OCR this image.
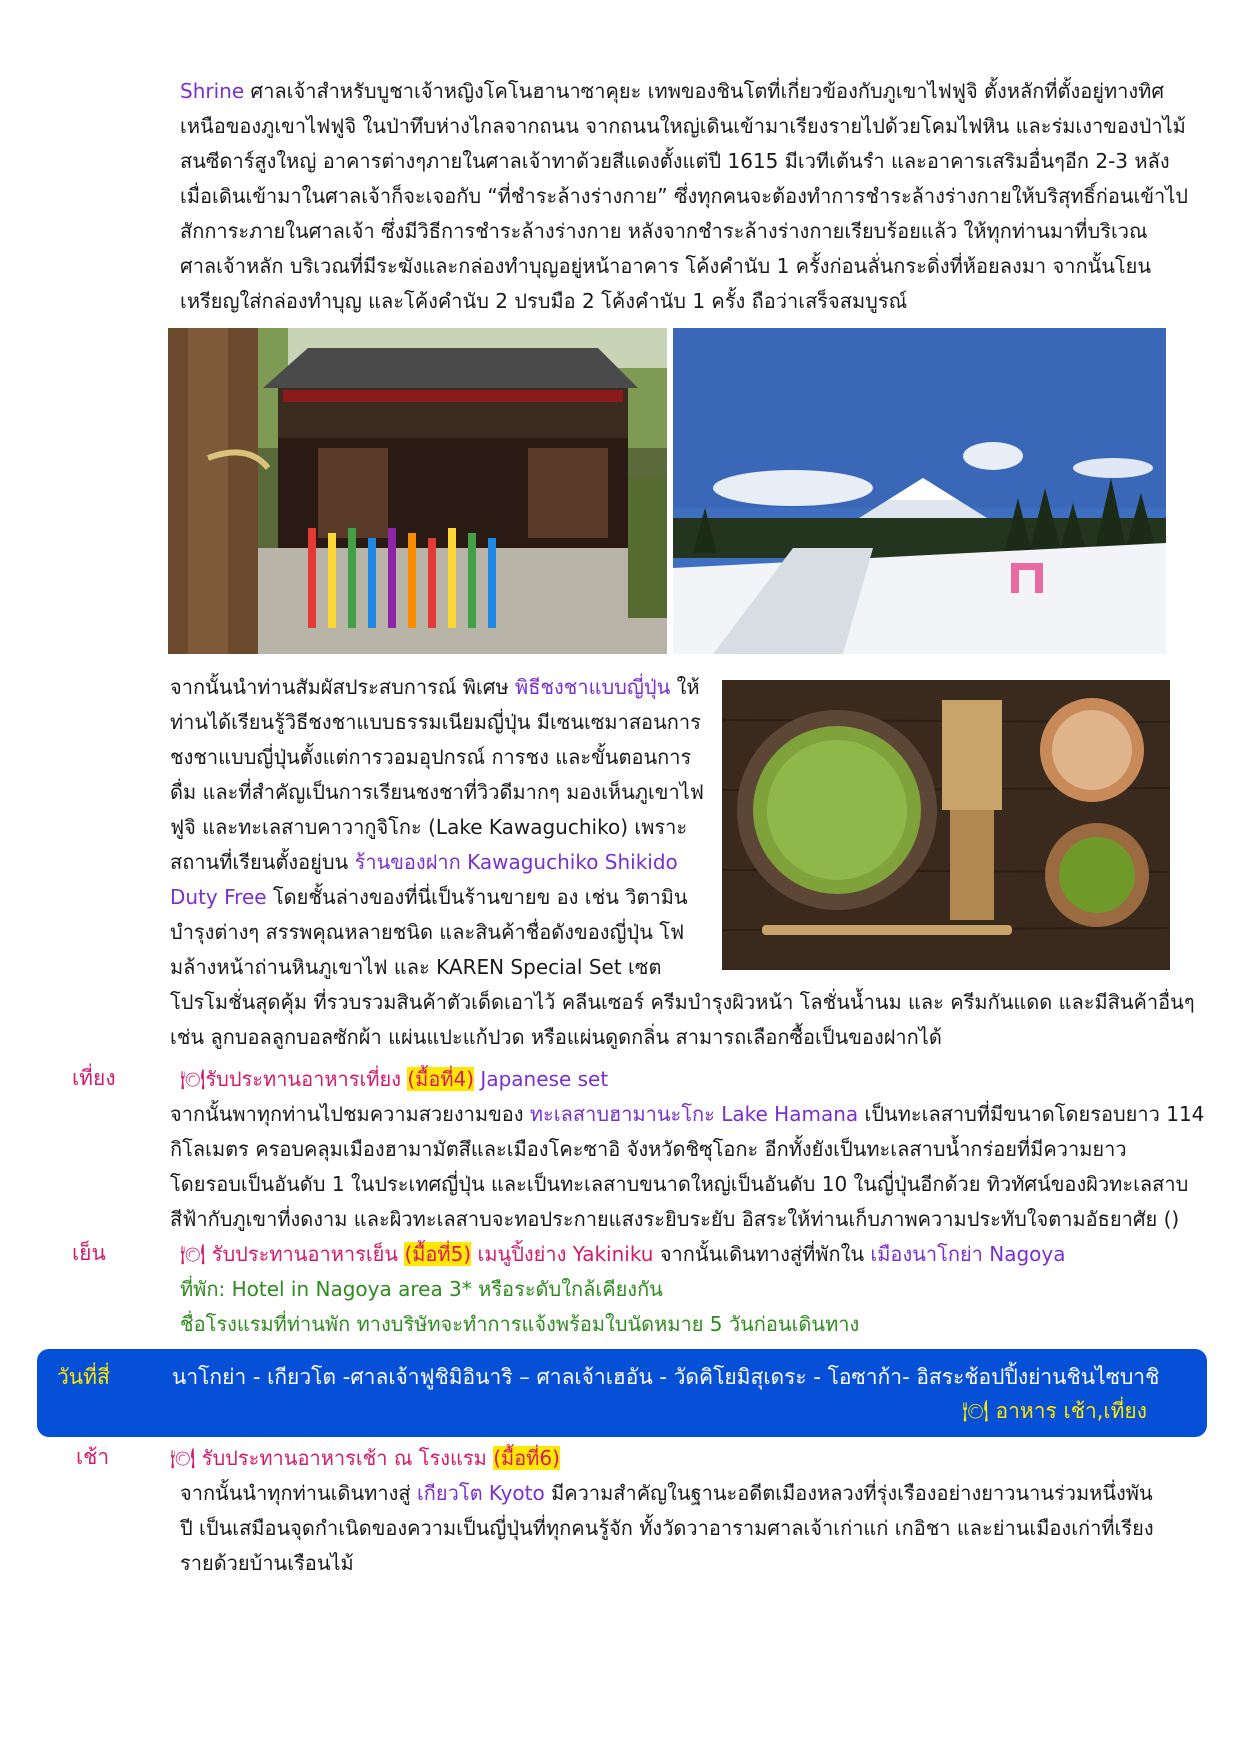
Shrine ศาลเจ้าสำหรับบูชาเจ้าหญิงโคโนฮานาซาคุยะ เทพของชินโตที่เกี่ยวข้องกับภูเขาไฟฟูจิ ตั้งหลักที่ตั้งอยู่ทางทิศ

เหนือของภูเขาไฟฟูจิ ในป่าทึบห่างไกลจากถนน จากถนนใหญ่เดินเข้ามาเรียงรายไปด้วยโคมไฟหิน และร่มเงาของป่าไม้

สนซีดาร์สูงใหญ่ อาคารต่างๆภายในศาลเจ้าทาด้วยสีแดงตั้งแต่ปี 1615 มีเวทีเต้นรำ และอาคารเสริมอื่นๆอีก 2-3 หลัง

เมื่อเดินเข้ามาในศาลเจ้าก็จะเจอกับ “ที่ชำระล้างร่างกาย” ซึ่งทุกคนจะต้องทำการชำระล้างร่างกายให้บริสุทธิ์ก่อนเข้าไป

สักการะภายในศาลเจ้า ซึ่งมีวิธีการชำระล้างร่างกาย หลังจากชำระล้างร่างกายเรียบร้อยแล้ว ให้ทุกท่านมาที่บริเวณ

ศาลเจ้าหลัก บริเวณที่มีระฆังและกล่องทำบุญอยู่หน้าอาคาร โค้งคำนับ 1 ครั้งก่อนลั่นกระดิ่งที่ห้อยลงมา จากนั้นโยน

เหรียญใส่กล่องทำบุญ และโค้งคำนับ 2 ปรบมือ 2 โค้งคำนับ 1 ครั้ง ถือว่าเสร็จสมบูรณ์

จากนั้นนำท่านสัมผัสประสบการณ์ พิเศษ พิธีชงชาแบบญี่ปุ่น ให้

ท่านได้เรียนรู้วิธีชงชาแบบธรรมเนียมญี่ปุ่น มีเซนเซมาสอนการ

ชงชาแบบญี่ปุ่นตั้งแต่การวอมอุปกรณ์ การชง และขั้นตอนการ

ดื่ม และที่สำคัญเป็นการเรียนชงชาที่วิวดีมากๆ มองเห็นภูเขาไฟ

ฟูจิ และทะเลสาบคาวากูจิโกะ (Lake Kawaguchiko) เพราะ

สถานที่เรียนตั้งอยู่บน ร้านของฝาก Kawaguchiko Shikido

Duty Free โดยชั้นล่างของที่นี่เป็นร้านขายข อง เช่น วิตามิน

บำรุงต่างๆ สรรพคุณหลายชนิด และสินค้าชื่อดังของญี่ปุ่น โฟ

มล้างหน้าถ่านหินภูเขาไฟ และ KAREN Special Set เซต

โปรโมชั่นสุดคุ้ม ที่รวบรวมสินค้าตัวเด็ดเอาไว้ คลีนเซอร์ ครีมบำรุงผิวหน้า โลชั่นน้ำนม และ ครีมกันแดด และมีสินค้าอื่นๆ

เช่น ลูกบอลลูกบอลซักผ้า แผ่นแปะแก้ปวด หรือแผ่นดูดกลิ่น สามารถเลือกซื้อเป็นของฝากได้

เที่ยง	🍽รับประทานอาหารเที่ยง (มื้อที่4) Japanese set

จากนั้นพาทุกท่านไปชมความสวยงามของ ทะเลสาบฮามานะโกะ Lake Hamana เป็นทะเลสาบที่มีขนาดโดยรอบยาว 114

กิโลเมตร ครอบคลุมเมืองฮามามัตสึและเมืองโคะซาอิ จังหวัดชิซุโอกะ อีกทั้งยังเป็นทะเลสาบน้ำกร่อยที่มีความยาว

โดยรอบเป็นอันดับ 1 ในประเทศญี่ปุ่น และเป็นทะเลสาบขนาดใหญ่เป็นอันดับ 10 ในญี่ปุ่นอีกด้วย ทิวทัศน์ของผิวทะเลสาบ

สีฟ้ากับภูเขาที่งดงาม และผิวทะเลสาบจะทอประกายแสงระยิบระยับ อิสระให้ท่านเก็บภาพความประทับใจตามอัธยาศัย ()

เย็น	🍽 รับประทานอาหารเย็น (มื้อที่5) เมนูปิ้งย่าง Yakiniku จากนั้นเดินทางสู่ที่พักใน เมืองนาโกย่า Nagoya
ที่พัก: Hotel in Nagoya area 3* หรือระดับใกล้เคียงกัน
ชื่อโรงแรมที่ท่านพัก ทางบริษัทจะทำการแจ้งพร้อมใบนัดหมาย 5 วันก่อนเดินทาง
วันที่สี่	นาโกย่า - เกียวโต -ศาลเจ้าฟูชิมิอินาริ – ศาลเจ้าเฮอัน - วัดคิโยมิสุเดระ - โอซาก้า- อิสระช้อปปิ้งย่านชินไซบาชิ
🍽 อาหาร เช้า,เที่ยง
เช้า	🍽 รับประทานอาหารเช้า ณ โรงแรม (มื้อที่6)

จากนั้นนำทุกท่านเดินทางสู่ เกียวโต Kyoto มีความสำคัญในฐานะอดีตเมืองหลวงที่รุ่งเรืองอย่างยาวนานร่วมหนึ่งพัน

ปี เป็นเสมือนจุดกำเนิดของความเป็นญี่ปุ่นที่ทุกคนรู้จัก ทั้งวัดวาอารามศาลเจ้าเก่าแก่ เกอิชา และย่านเมืองเก่าที่เรียง

รายด้วยบ้านเรือนไม้
